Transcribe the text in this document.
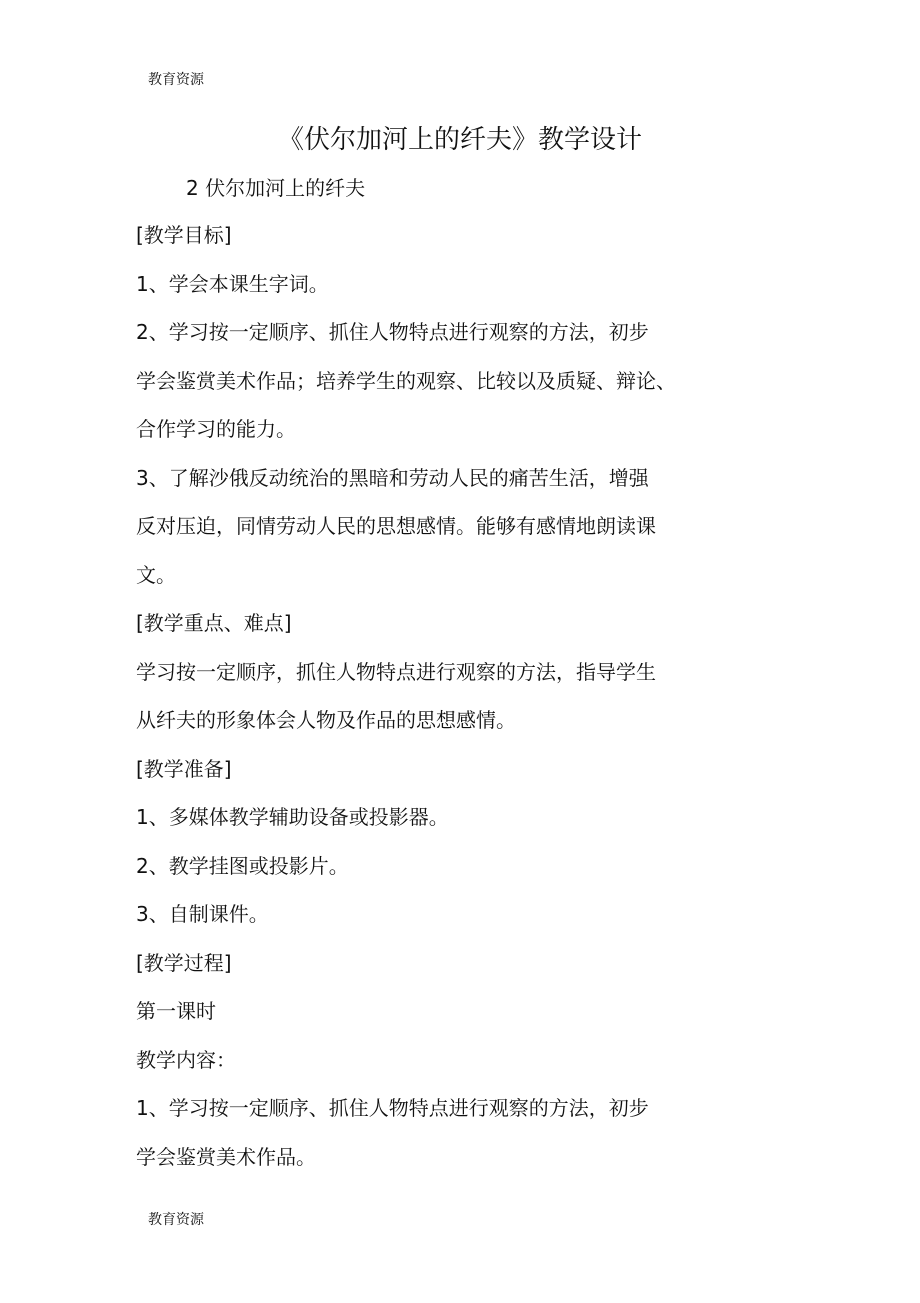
教育资源
《伏尔加河上的纤夫》教学设计
2 伏尔加河上的纤夫
[教学目标]
1、学会本课生字词。
2、学习按一定顺序、抓住人物特点进行观察的方法，初步
学会鉴赏美术作品；培养学生的观察、比较以及质疑、辩论、
合作学习的能力。
3、了解沙俄反动统治的黑暗和劳动人民的痛苦生活，增强
反对压迫，同情劳动人民的思想感情。能够有感情地朗读课
文。
[教学重点、难点]
学习按一定顺序，抓住人物特点进行观察的方法，指导学生
从纤夫的形象体会人物及作品的思想感情。
[教学准备]
1、多媒体教学辅助设备或投影器。
2、教学挂图或投影片。
3、自制课件。
[教学过程]
第一课时
教学内容：
1、学习按一定顺序、抓住人物特点进行观察的方法，初步
学会鉴赏美术作品。
教育资源
